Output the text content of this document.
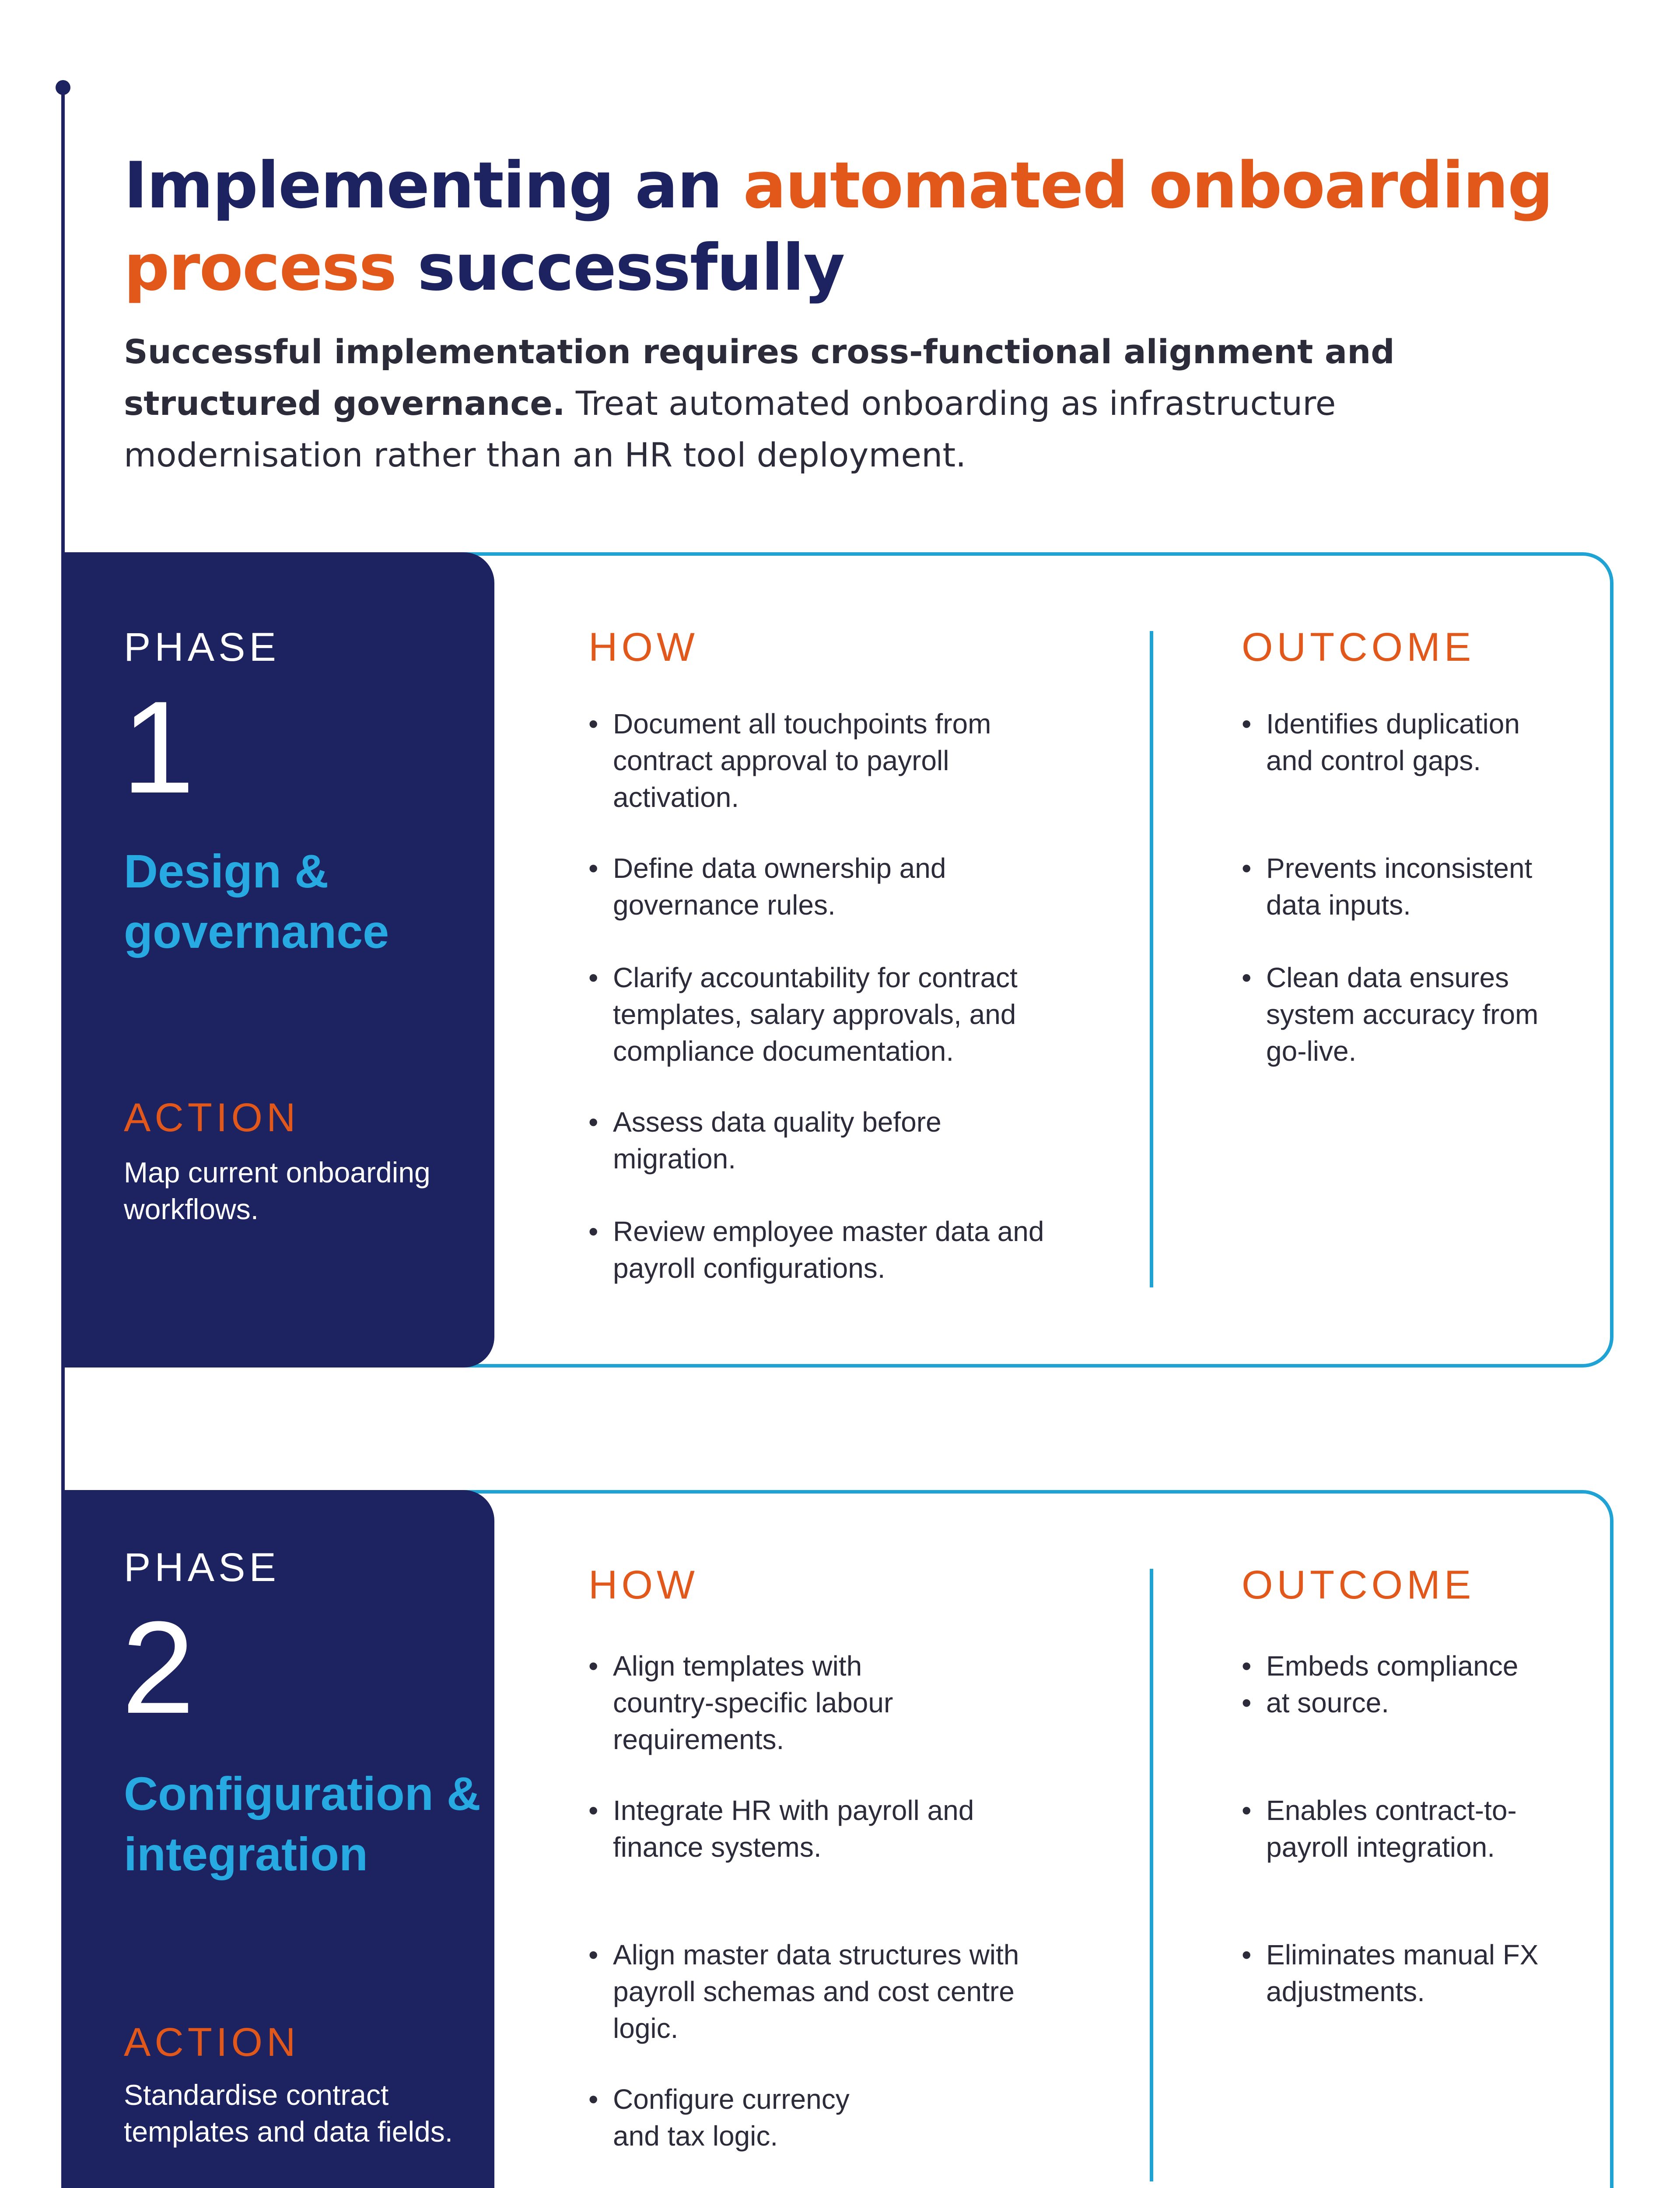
Implementing an automated onboarding process successfully

Successful implementation requires cross-functional alignment and structured governance. Treat automated onboarding as infrastructure modernisation rather than an HR tool deployment.

PHASE
1
Design & governance
ACTION
Map current onboarding workflows.
HOW
• Document all touchpoints from contract approval to payroll activation.
• Define data ownership and governance rules.
• Clarify accountability for contract templates, salary approvals, and compliance documentation.
• Assess data quality before migration.
• Review employee master data and payroll configurations.
OUTCOME
• Identifies duplication and control gaps.
• Prevents inconsistent data inputs.
• Clean data ensures system accuracy from go-live.
PHASE
2
Configuration & integration
ACTION
Standardise contract templates and data fields.
HOW
• Align templates with country-specific labour requirements.
• Integrate HR with payroll and finance systems.
• Align master data structures with payroll schemas and cost centre logic.
• Configure currency and tax logic.
OUTCOME
• Embeds compliance
• at source.
• Enables contract-to-payroll integration.
• Eliminates manual FX adjustments.
